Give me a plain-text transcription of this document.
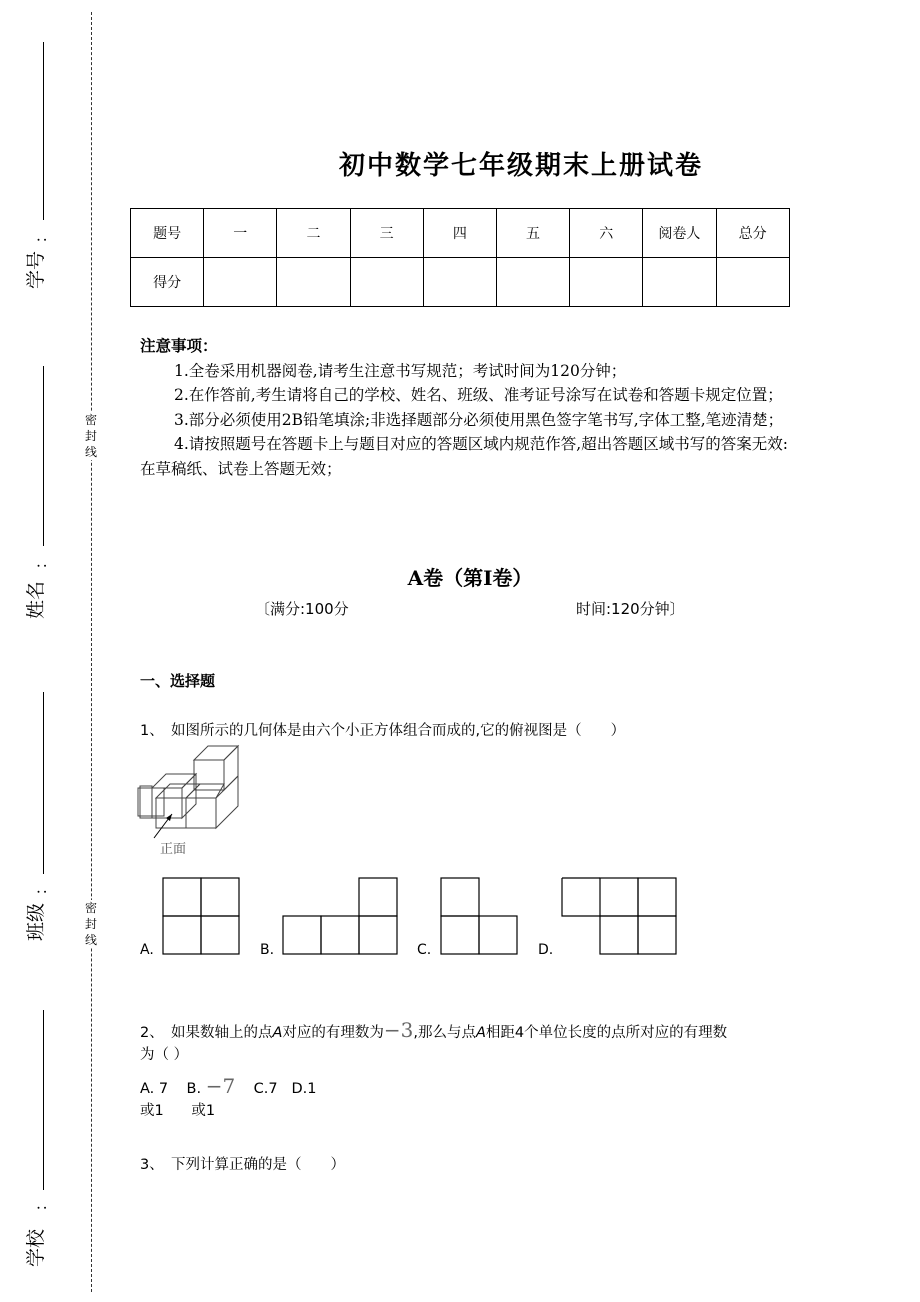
密封线
密封线
：
学号
：
姓名
：
班级
：
学校
初中数学七年级期末上册试卷
题号	一	二	三	四	五	六	阅卷人	总分
得分								
注意事项：

1.全卷采用机器阅卷,请考生注意书写规范；考试时间为120分钟；

2.在作答前,考生请将自己的学校、姓名、班级、准考证号涂写在试卷和答题卡规定位置；

3.部分必须使用2B铅笔填涂;非选择题部分必须使用黑色签字笔书写,字体工整,笔迹清楚；

4.请按照题号在答题卡上与题目对应的答题区域内规范作答,超出答题区域书写的答案无效:在草稿纸、试卷上答题无效；

A卷（第I卷）
〔满分:100分	时间:120分钟〕
一、选择题
1、　如图所示的几何体是由六个小正方体组合而成的,它的俯视图是（　　）
正面
A.	B.	C.	D.
2、　如果数轴上的点A对应的有理数为−3,那么与点A相距4个单位长度的点所对应的有理数
为（ ）
A. 7 B. −7 C.7 D.1
或1 或1
3、　下列计算正确的是（　　）
